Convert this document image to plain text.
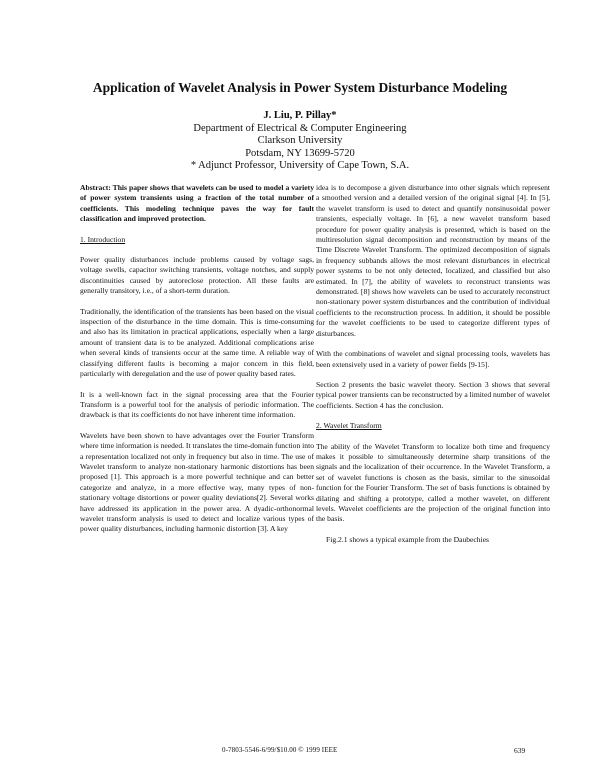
Application of Wavelet Analysis in Power System Disturbance Modeling
J. Liu, P. Pillay*
Department of Electrical & Computer Engineering
Clarkson University
Potsdam, NY 13699-5720
* Adjunct Professor, University of Cape Town, S.A.

Abstract: This paper shows that wavelets can be used to model a variety of power system transients using a fraction of the total number of coefficients. This modeling technique paves the way for fault classification and improved protection.

1. Introduction

Power quality disturbances include problems caused by voltage sags, voltage swells, capacitor switching transients, voltage notches, and supply discontinuities caused by autoreclose protection. All these faults are generally transitory, i.e., of a short-term duration.

Traditionally, the identification of the transients has been based on the visual inspection of the disturbance in the time domain. This is time-consuming and also has its limitation in practical applications, especially when a large amount of transient data is to be analyzed. Additional complications arise when several kinds of transients occur at the same time. A reliable way of classifying different faults is becoming a major concern in this field, particularly with deregulation and the use of power quality based rates.

It is a well-known fact in the signal processing area that the Fourier Transform is a powerful tool for the analysis of periodic information. The drawback is that its coefficients do not have inherent time information.

Wavelets have been shown to have advantages over the Fourier Transform where time information is needed. It translates the time-domain function into a representation localized not only in frequency but also in time. The use of Wavelet transform to analyze non-stationary harmonic distortions has been proposed [1]. This approach is a more powerful technique and can better categorize and analyze, in a more effective way, many types of non-stationary voltage distortions or power quality deviations[2]. Several works have addressed its application in the power area. A dyadic-orthonormal wavelet transform analysis is used to detect and localize various types of power quality disturbances, including harmonic distortion [3]. A key

idea is to decompose a given disturbance into other signals which represent a smoothed version and a detailed version of the original signal [4]. In [5], the wavelet transform is used to detect and quantify nonsinusoidal power transients, especially voltage. In [6], a new wavelet transform based procedure for power quality analysis is presented, which is based on the multiresolution signal decomposition and reconstruction by means of the Time Discrete Wavelet Transform. The optimized decomposition of signals in frequency subbands allows the most relevant disturbances in electrical power systems to be not only detected, localized, and classified but also estimated. In [7], the ability of wavelets to reconstruct transients was demonstrated. [8] shows how wavelets can be used to accurately reconstruct non-stationary power system disturbances and the contribution of individual coefficients to the reconstruction process. In addition, it should be possible for the wavelet coefficients to be used to categorize different types of disturbances.

With the combinations of wavelet and signal processing tools, wavelets has been extensively used in a variety of power fields [9-15].

Section 2 presents the basic wavelet theory. Section 3 shows that several typical power transients can be reconstructed by a limited number of wavelet coefficients. Section 4 has the conclusion.

2. Wavelet Transform

The ability of the Wavelet Transform to localize both time and frequency makes it possible to simultaneously determine sharp transitions of the signals and the localization of their occurrence. In the Wavelet Transform, a set of wavelet functions is chosen as the basis, similar to the sinusoidal function for the Fourier Transform. The set of basis functions is obtained by dilating and shifting a prototype, called a mother wavelet, on different levels. Wavelet coefficients are the projection of the original function into the basis.

Fig.2.1 shows a typical example from the Daubechies

0-7803-5546-6/99/$10.00 © 1999 IEEE	639
